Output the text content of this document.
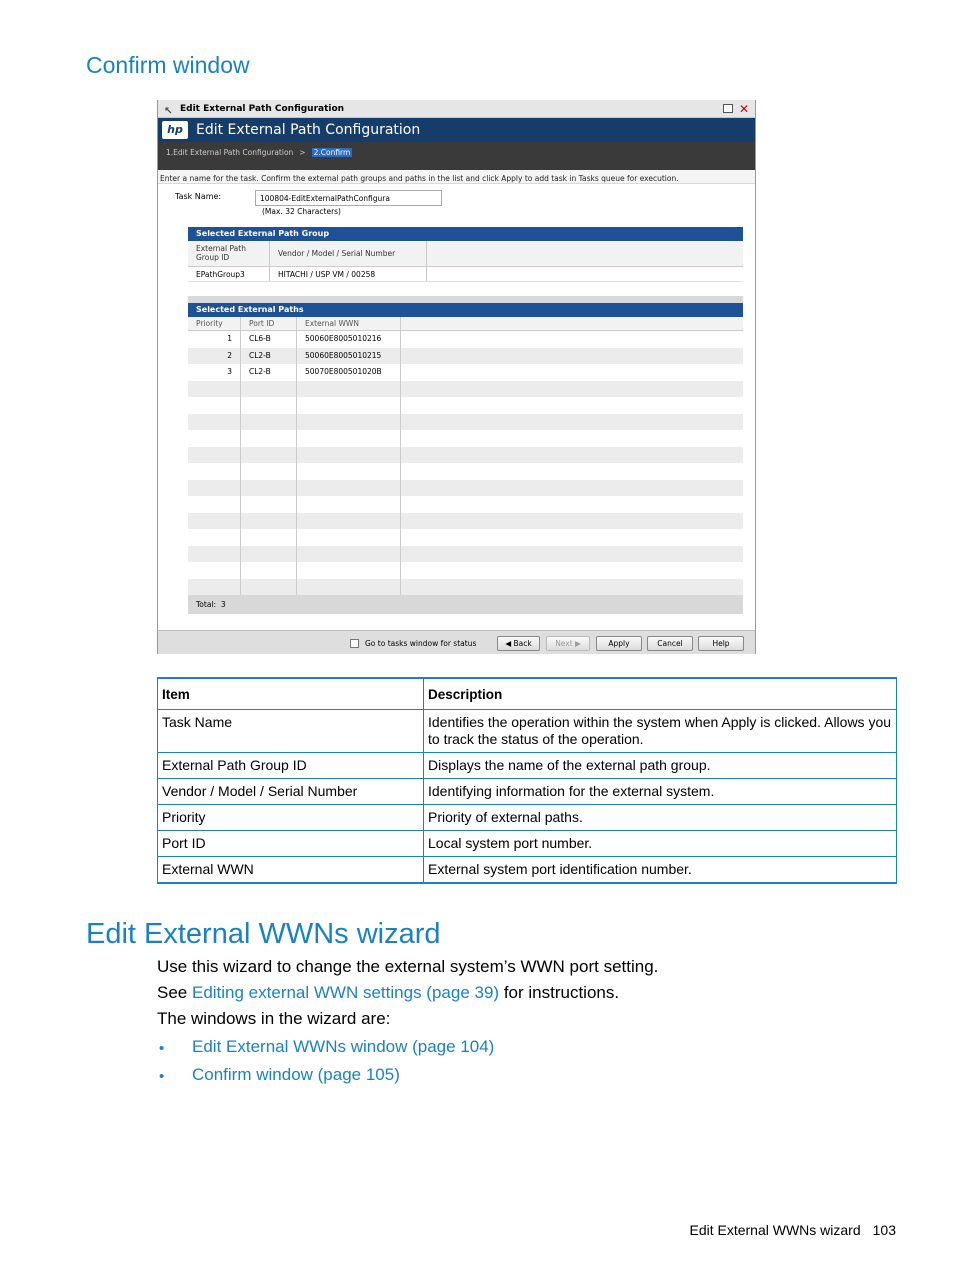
Confirm window
↖ Edit External Path Configuration	✕
hp Edit External Path Configuration
1.Edit External Path Configuration > 2.Confirm
Enter a name for the task. Confirm the external path groups and paths in the list and click Apply to add task in Tasks queue for execution.
Task Name:	100804-EditExternalPathConfigura
(Max. 32 Characters)
Selected External Path Group
External Path Group ID	Vendor / Model / Serial Number
EPathGroup3	HITACHI / USP VM / 00258
Selected External Paths
Priority	Port ID	External WWN
1	CL6-B	50060E8005010216
2	CL2-B	50060E8005010215
3	CL2-B	50070E800501020B
Total: 3
Go to tasks window for status	◀ Back	Next ▶	Apply	Cancel	Help
Item	Description
Task Name	Identifies the operation within the system when Apply is clicked. Allows you to track the status of the operation.
External Path Group ID	Displays the name of the external path group.
Vendor / Model / Serial Number	Identifying information for the external system.
Priority	Priority of external paths.
Port ID	Local system port number.
External WWN	External system port identification number.
Edit External WWNs wizard
Use this wizard to change the external system’s WWN port setting.
See Editing external WWN settings (page 39) for instructions.
The windows in the wizard are:
• Edit External WWNs window (page 104)
• Confirm window (page 105)
Edit External WWNs wizard 103
